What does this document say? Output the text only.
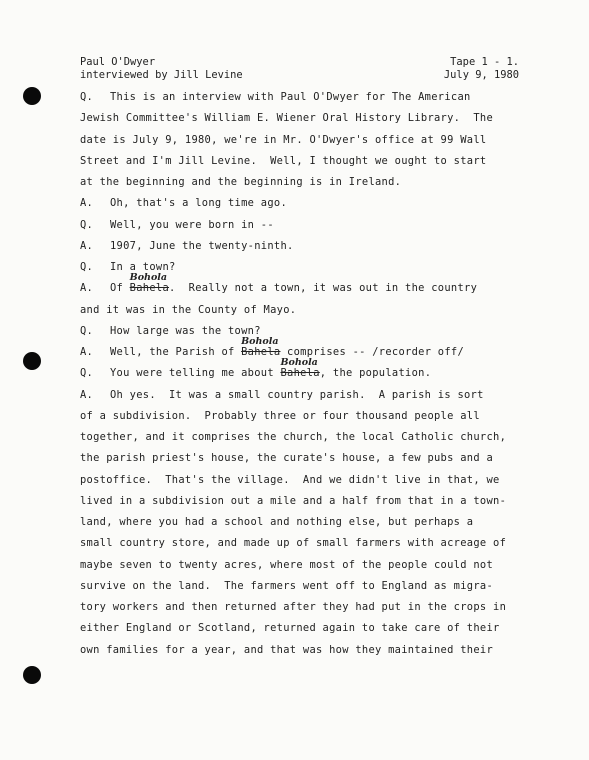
Paul O'Dwyer
interviewed by Jill Levine
Tape 1 - 1.
July 9, 1980
Q. This is an interview with Paul O'Dwyer for The American
Jewish Committee's William E. Wiener Oral History Library.  The
date is July 9, 1980, we're in Mr. O'Dwyer's office at 99 Wall
Street and I'm Jill Levine.  Well, I thought we ought to start
at the beginning and the beginning is in Ireland.
A. Oh, that's a long time ago.
Q. Well, you were born in --
A. 1907, June the twenty-ninth.
Q. In a town?
A. Of
Bohola
Bahela.  Really not a town, it was out in the country
and it was in the County of Mayo.
Q. How large was the town?
A. Well, the Parish of
Bohola
Bahela comprises -- /recorder off/
Q. You were telling me about
Bohola
Bahela, the population.
A. Oh yes.  It was a small country parish.  A parish is sort
of a subdivision.  Probably three or four thousand people all
together, and it comprises the church, the local Catholic church,
the parish priest's house, the curate's house, a few pubs and a
postoffice.  That's the village.  And we didn't live in that, we
lived in a subdivision out a mile and a half from that in a town-
land, where you had a school and nothing else, but perhaps a
small country store, and made up of small farmers with acreage of
maybe seven to twenty acres, where most of the people could not
survive on the land.  The farmers went off to England as migra-
tory workers and then returned after they had put in the crops in
either England or Scotland, returned again to take care of their
own families for a year, and that was how they maintained their
